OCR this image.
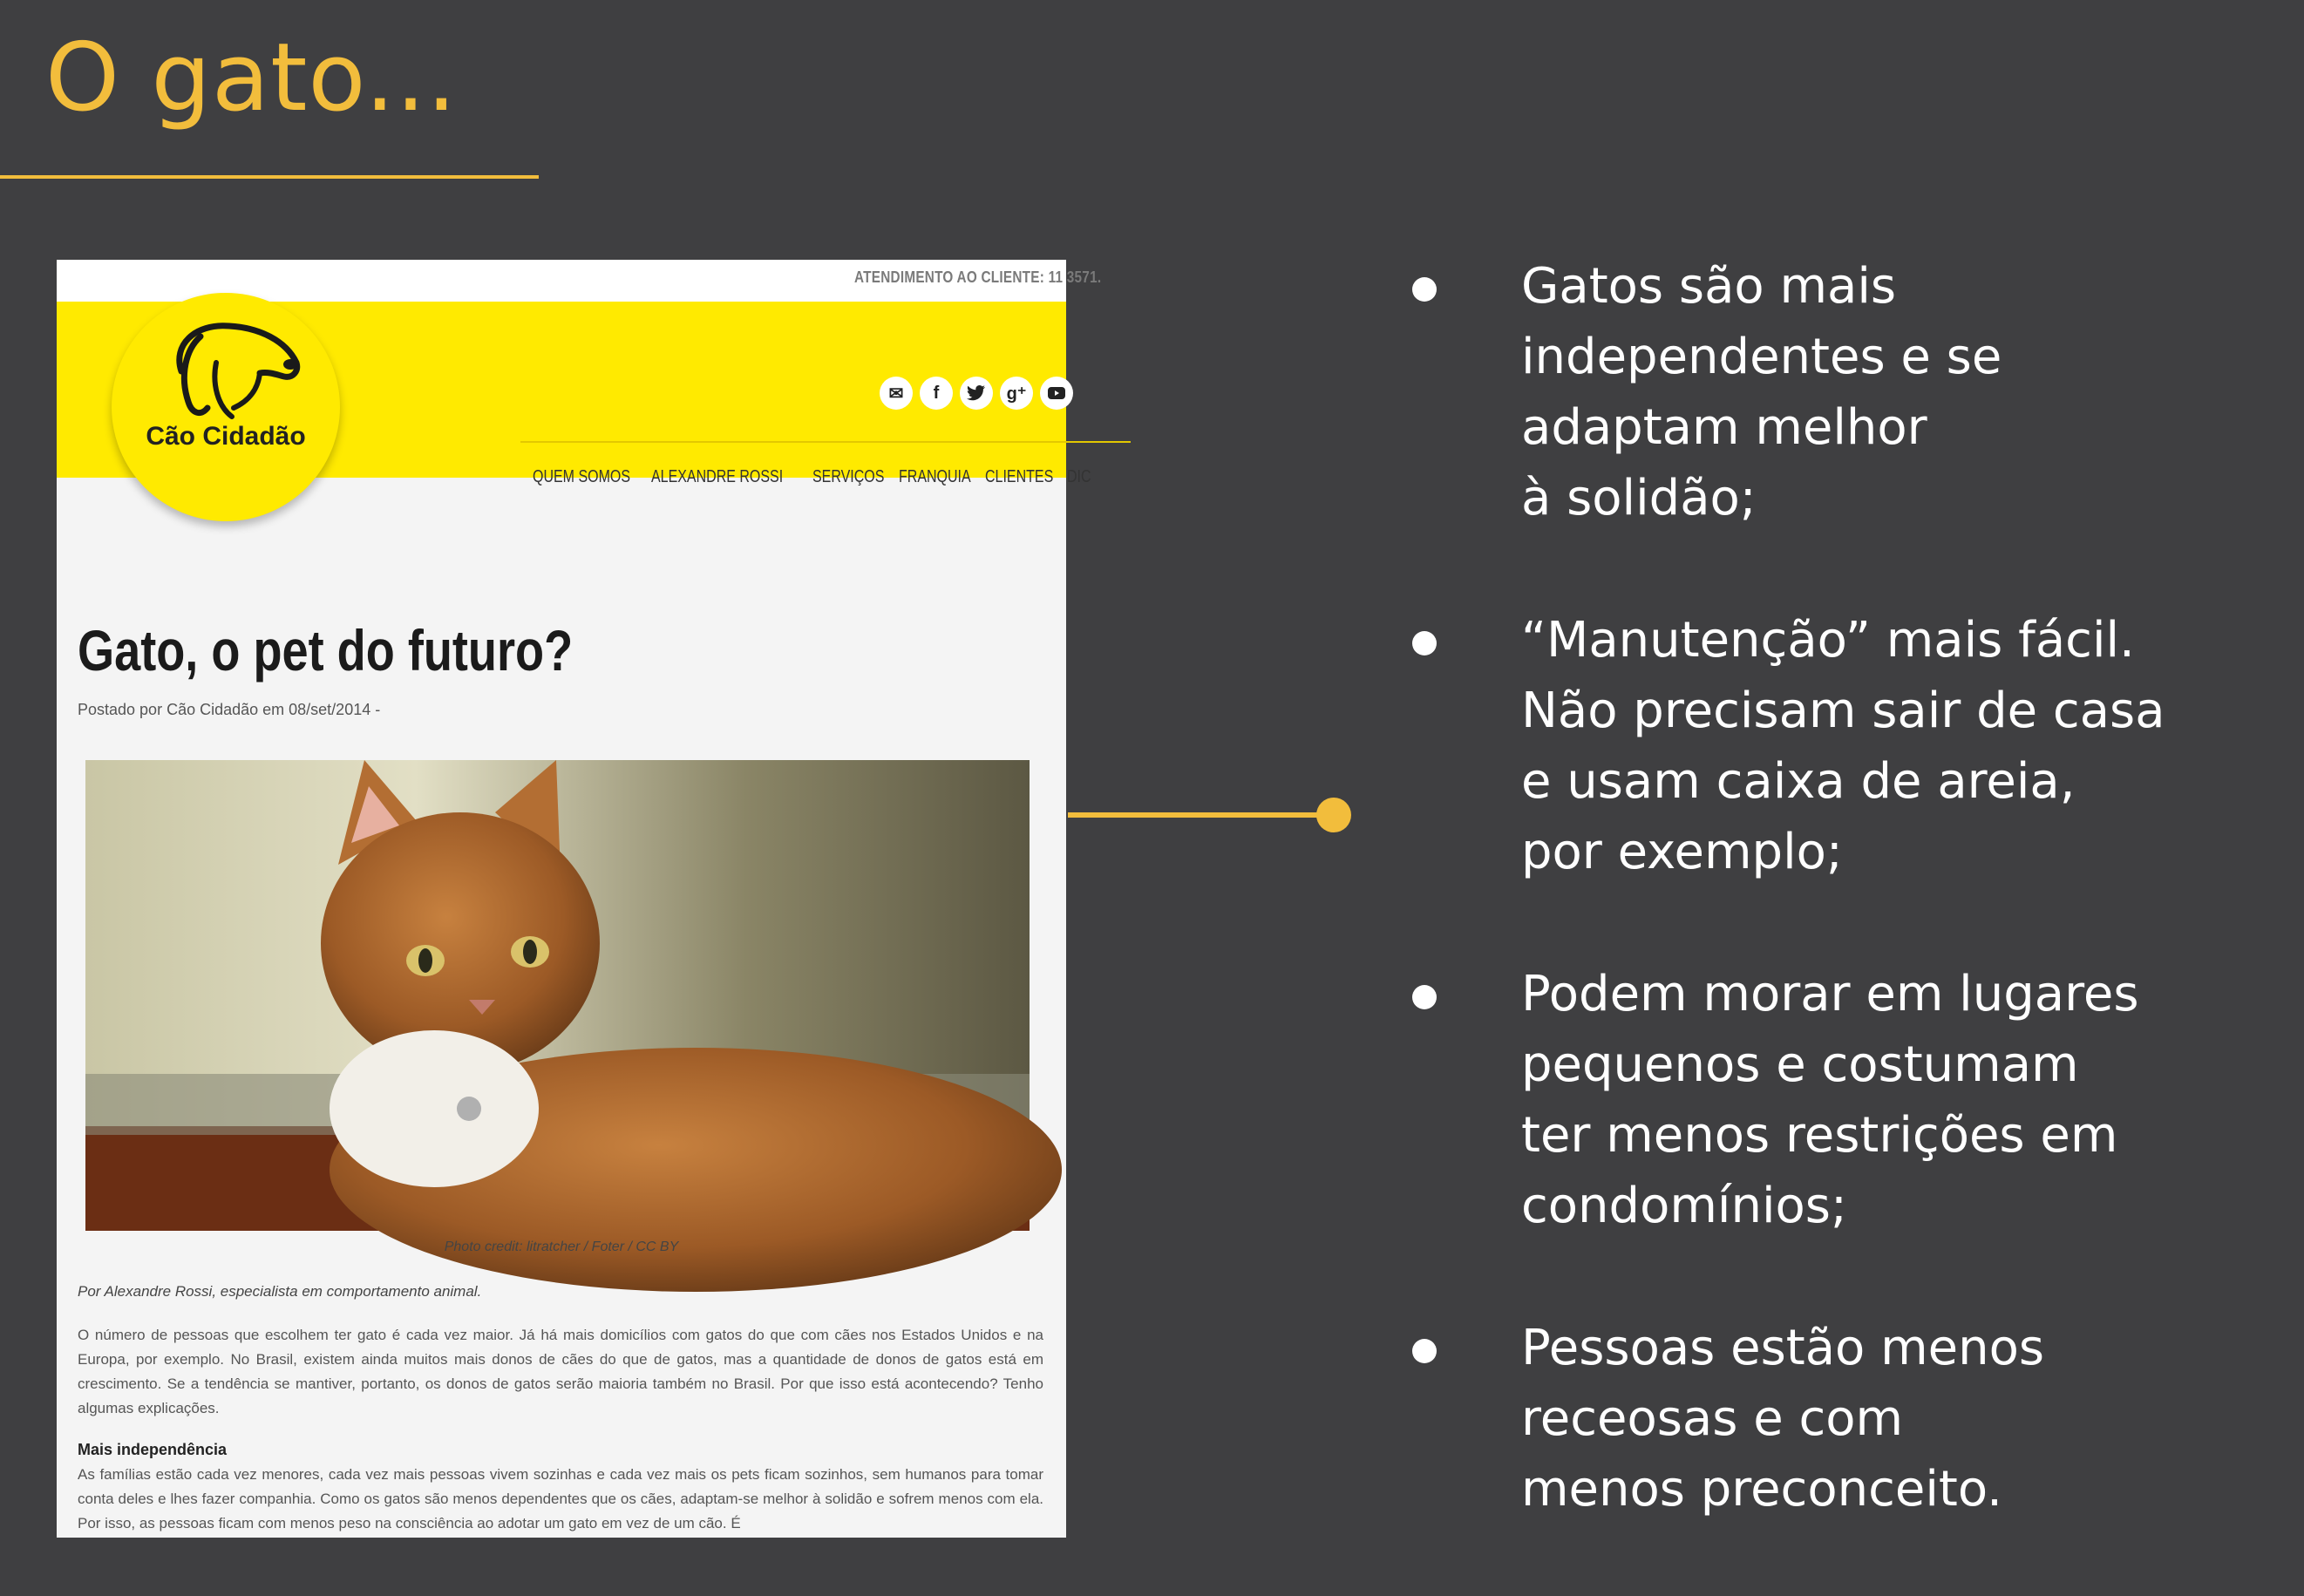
O gato...
ATENDIMENTO AO CLIENTE: 11 3571.
✉	f	g⁺
QUEM SOMOS ALEXANDRE ROSSI SERVIÇOS FRANQUIA CLIENTES DIC
Cão Cidadão
Gato, o pet do futuro?
Postado por Cão Cidadão em 08/set/2014 -
Photo credit: litratcher / Foter / CC BY
Por Alexandre Rossi, especialista em comportamento animal.
O número de pessoas que escolhem ter gato é cada vez maior. Já há mais domicílios com gatos do que com cães nos Estados Unidos e na Europa, por exemplo. No Brasil, existem ainda muitos mais donos de cães do que de gatos, mas a quantidade de donos de gatos está em crescimento. Se a tendência se mantiver, portanto, os donos de gatos serão maioria também no Brasil. Por que isso está acontecendo? Tenho algumas explicações.
Mais independência
As famílias estão cada vez menores, cada vez mais pessoas vivem sozinhas e cada vez mais os pets ficam sozinhos, sem humanos para tomar conta deles e lhes fazer companhia. Como os gatos são menos dependentes que os cães, adaptam-se melhor à solidão e sofrem menos com ela. Por isso, as pessoas ficam com menos peso na consciência ao adotar um gato em vez de um cão. É
Gatos são mais
independentes e se
adaptam melhor
à solidão;
“Manutenção” mais fácil.
Não precisam sair de casa
e usam caixa de areia,
por exemplo;
Podem morar em lugares
pequenos e costumam
ter menos restrições em
condomínios;
Pessoas estão menos
receosas e com
menos preconceito.
